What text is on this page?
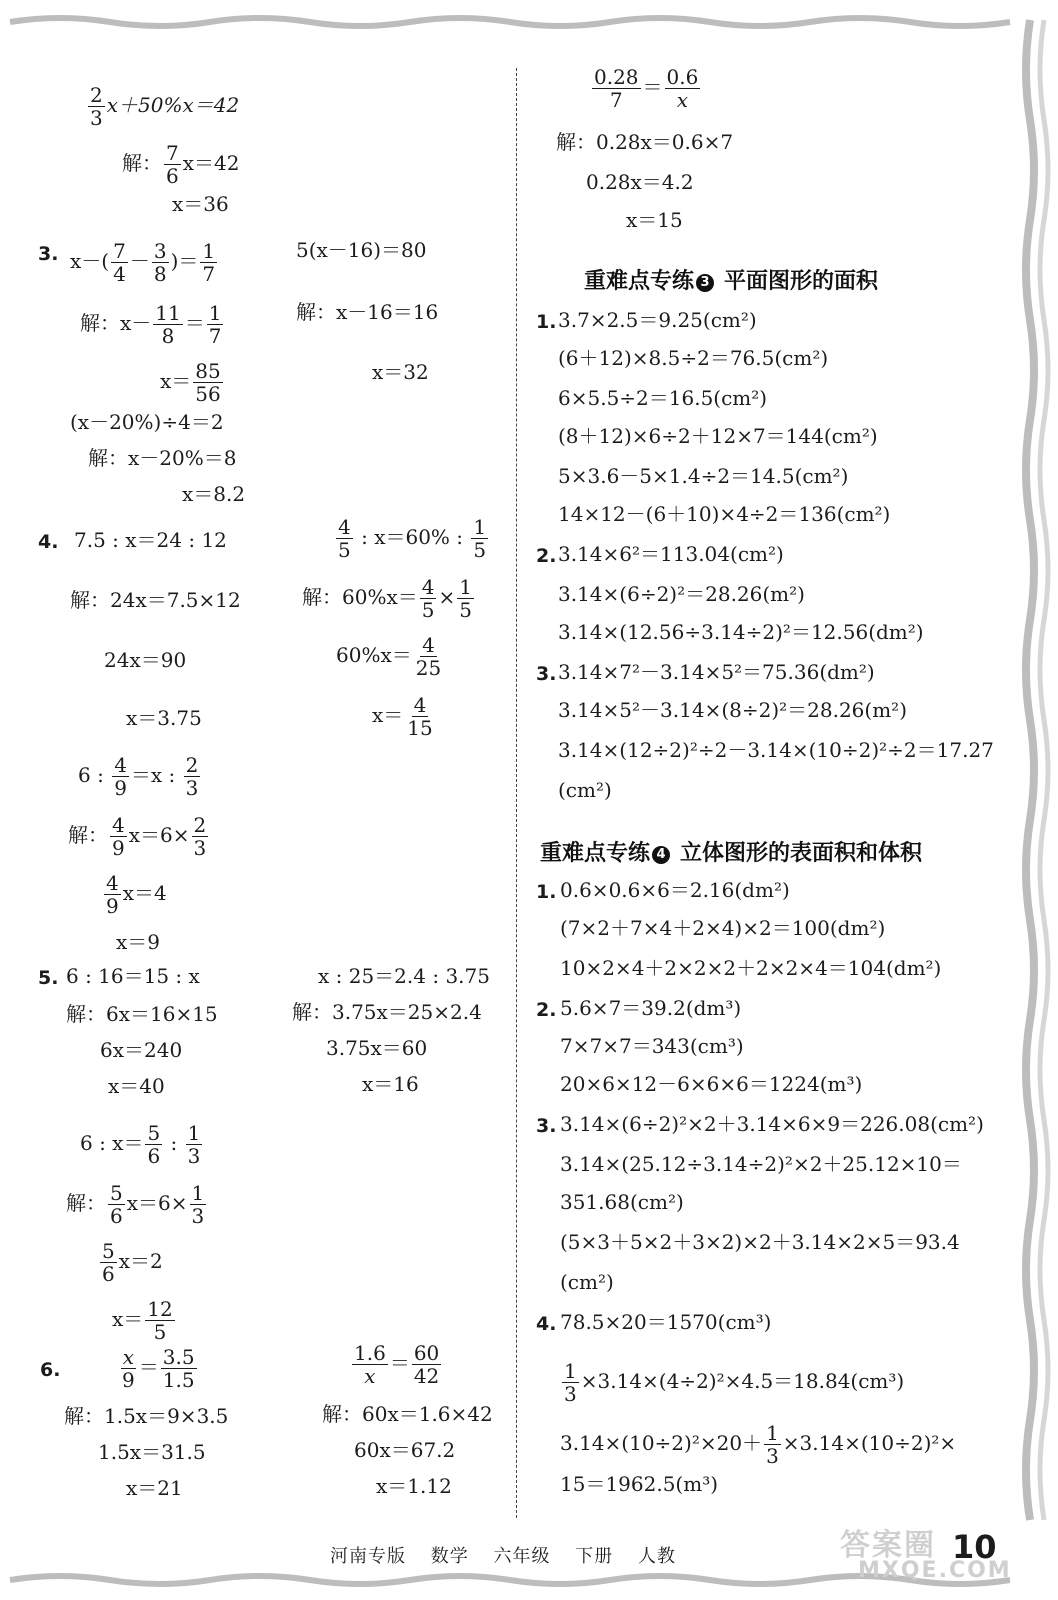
$\frac{2}{3} x+50\%x=42$
解： $\frac{7}{6} x=42$
x＝36
3. $x-( \frac{7}{4} - \frac{3}{8}$ )＝ $\frac{1}{7}$
解：$x- \frac{11}{8} = \frac{1}{7}$
$x= \frac{85}{56}$
5(x－16)＝80
解：x－16＝16
x＝32
(x－20%)÷4＝2
解：x－20%＝8
x＝8.2
4. 7.5 : x＝24 : 12
解：24x＝7.5×12
24x＝90
x＝3.75
$\frac{4}{5}$ : x＝60% : $\frac{1}{5}$
解：$60\%x= \frac{4}{5} \times \frac{1}{5}$
$60\%x= \frac{4}{25}$
$x= \frac{4}{15}$
6 : $\frac{4}{9} =x$ : $\frac{2}{3}$
解： $\frac{4}{9} x=6\times \frac{2}{3}$
$\frac{4}{9} x=4$
x＝9
5. 6 : 16＝15 : x
解：6x＝16×15
6x＝240
x＝40
x : 25＝2.4 : 3.75
解：3.75x＝25×2.4
3.75x＝60
x＝16
6 : $x= \frac{5}{6}$ : $\frac{1}{3}$
解： $\frac{5}{6} x=6\times \frac{1}{3}$
$\frac{5}{6} x=2$
$x= \frac{12}{5}$
6.	$\frac{x}{9} = \frac{3.5}{1.5}$
解：1.5x＝9×3.5
1.5x＝31.5
x＝21
$\frac{1.6}{x} = \frac{60}{42}$
解：60x＝1.6×42
60x＝67.2
x＝1.12
$\frac{0.28}{7} = \frac{0.6}{x}$
解：0.28x＝0.6×7
0.28x＝4.2
x＝15
重难点专练 3 平面图形的面积
1. 3.7×2.5＝9.25(cm²)
(6＋12)×8.5÷2＝76.5(cm²)
6×5.5÷2＝16.5(cm²)
(8＋12)×6÷2＋12×7＝144(cm²)
5×3.6－5×1.4÷2＝14.5(cm²)
14×12－(6＋10)×4÷2＝136(cm²)
2. 3.14×6²＝113.04(cm²)
3.14×(6÷2)²＝28.26(m²)
3.14×(12.56÷3.14÷2)²＝12.56(dm²)
3. 3.14×7²－3.14×5²＝75.36(dm²)
3.14×5²－3.14×(8÷2)²＝28.26(m²)
3.14×(12÷2)²÷2－3.14×(10÷2)²÷2＝17.27
(cm²)
重难点专练 4 立体图形的表面积和体积
1. 0.6×0.6×6＝2.16(dm²)
(7×2＋7×4＋2×4)×2＝100(dm²)
10×2×4＋2×2×2＋2×2×4＝104(dm²)
2. 5.6×7＝39.2(dm³)
7×7×7＝343(cm³)
20×6×12－6×6×6＝1224(m³)
3. 3.14×(6÷2)²×2＋3.14×6×9＝226.08(cm²)
3.14×(25.12÷3.14÷2)²×2＋25.12×10＝
351.68(cm²)
(5×3＋5×2＋3×2)×2＋3.14×2×5＝93.4
(cm²)
4. 78.5×20＝1570(cm³)
$\frac{1}{3} \times 3.14\times(4\div 2)^2\times 4.5=18.84(cm^3)$
$3.14\times(10\div 2)^2\times 20+ \frac{1}{3} \times 3.14\times(10\div 2)^2\times$
15＝1962.5(m³)
答案圈
MXQE.COM
河南专版 数学 六年级 下册 人教	10
